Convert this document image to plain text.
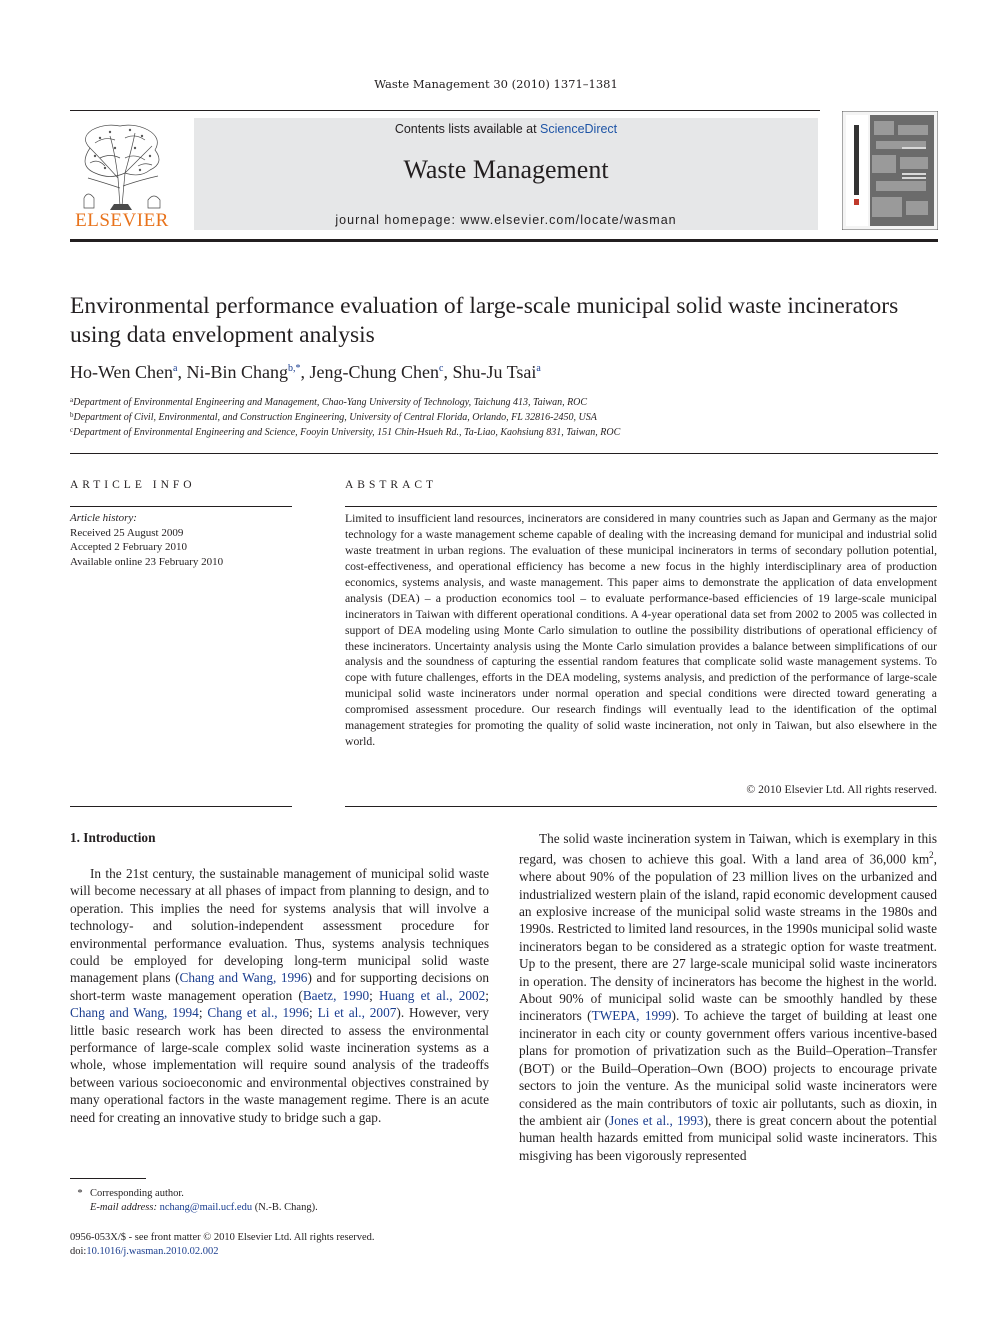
Waste Management 30 (2010) 1371–1381
ELSEVIER
Contents lists available at ScienceDirect
Waste Management
journal homepage: www.elsevier.com/locate/wasman
Environmental performance evaluation of large-scale municipal solid waste incinerators using data envelopment analysis
Ho-Wen Chen$^a$, Ni-Bin Chang$^{b,*}$, Jeng-Chung Chen$^c$, Shu-Ju Tsai$^a$
$^a$Department of Environmental Engineering and Management, Chao-Yang University of Technology, Taichung 413, Taiwan, ROC
$^b$Department of Civil, Environmental, and Construction Engineering, University of Central Florida, Orlando, FL 32816-2450, USA
$^c$Department of Environmental Engineering and Science, Fooyin University, 151 Chin-Hsueh Rd., Ta-Liao, Kaohsiung 831, Taiwan, ROC
ARTICLE INFO
Article history:
Received 25 August 2009
Accepted 2 February 2010
Available online 23 February 2010
ABSTRACT
Limited to insufficient land resources, incinerators are considered in many countries such as Japan and Germany as the major technology for a waste management scheme capable of dealing with the increasing demand for municipal and industrial solid waste treatment in urban regions. The evaluation of these municipal incinerators in terms of secondary pollution potential, cost-effectiveness, and operational efficiency has become a new focus in the highly interdisciplinary area of production economics, systems analysis, and waste management. This paper aims to demonstrate the application of data envelopment analysis (DEA) – a production economics tool – to evaluate performance-based efficiencies of 19 large-scale municipal incinerators in Taiwan with different operational conditions. A 4-year operational data set from 2002 to 2005 was collected in support of DEA modeling using Monte Carlo simulation to outline the possibility distributions of operational efficiency of these incinerators. Uncertainty analysis using the Monte Carlo simulation provides a balance between simplifications of our analysis and the soundness of capturing the essential random features that complicate solid waste management systems. To cope with future challenges, efforts in the DEA modeling, systems analysis, and prediction of the performance of large-scale municipal solid waste incinerators under normal operation and special conditions were directed toward generating a compromised assessment procedure. Our research findings will eventually lead to the identification of the optimal management strategies for promoting the quality of solid waste incineration, not only in Taiwan, but also elsewhere in the world.
© 2010 Elsevier Ltd. All rights reserved.
1. Introduction

In the 21st century, the sustainable management of municipal solid waste will become necessary at all phases of impact from planning to design, and to operation. This implies the need for systems analysis that will involve a technology- and solution-independent assessment procedure for environmental performance evaluation. Thus, systems analysis techniques could be employed for developing long-term municipal solid waste management plans (Chang and Wang, 1996) and for supporting decisions on short-term waste management operation (Baetz, 1990; Huang et al., 2002; Chang and Wang, 1994; Chang et al., 1996; Li et al., 2007). However, very little basic research work has been directed to assess the environmental performance of large-scale complex solid waste incineration systems as a whole, whose implementation will require sound analysis of the tradeoffs between various socioeconomic and environmental objectives constrained by many operational factors in the waste management regime. There is an acute need for creating an innovative study to bridge such a gap.

The solid waste incineration system in Taiwan, which is exemplary in this regard, was chosen to achieve this goal. With a land area of 36,000 $km^2$, where about 90% of the population of 23 million lives on the urbanized and industrialized western plain of the island, rapid economic development caused an explosive increase of the municipal solid waste streams in the 1980s and 1990s. Restricted to limited land resources, in the 1990s municipal solid waste incinerators began to be considered as a strategic option for waste treatment. Up to the present, there are 27 large-scale municipal solid waste incinerators in operation. The density of incinerators has become the highest in the world. About 90% of municipal solid waste can be smoothly handled by these incinerators (TWEPA, 1999). To achieve the target of building at least one incinerator in each city or county government offers various incentive-based plans for promotion of privatization such as the Build–Operation–Transfer (BOT) or the Build–Operation–Own (BOO) projects to encourage private sectors to join the venture. As the municipal solid waste incinerators were considered as the main contributors of toxic air pollutants, such as dioxin, in the ambient air (Jones et al., 1993), there is great concern about the potential human health hazards emitted from municipal solid waste incinerators. This misgiving has been vigorously represented

* Corresponding author.
E-mail address: nchang@mail.ucf.edu (N.-B. Chang).
0956-053X/$ - see front matter © 2010 Elsevier Ltd. All rights reserved.
doi:10.1016/j.wasman.2010.02.002
